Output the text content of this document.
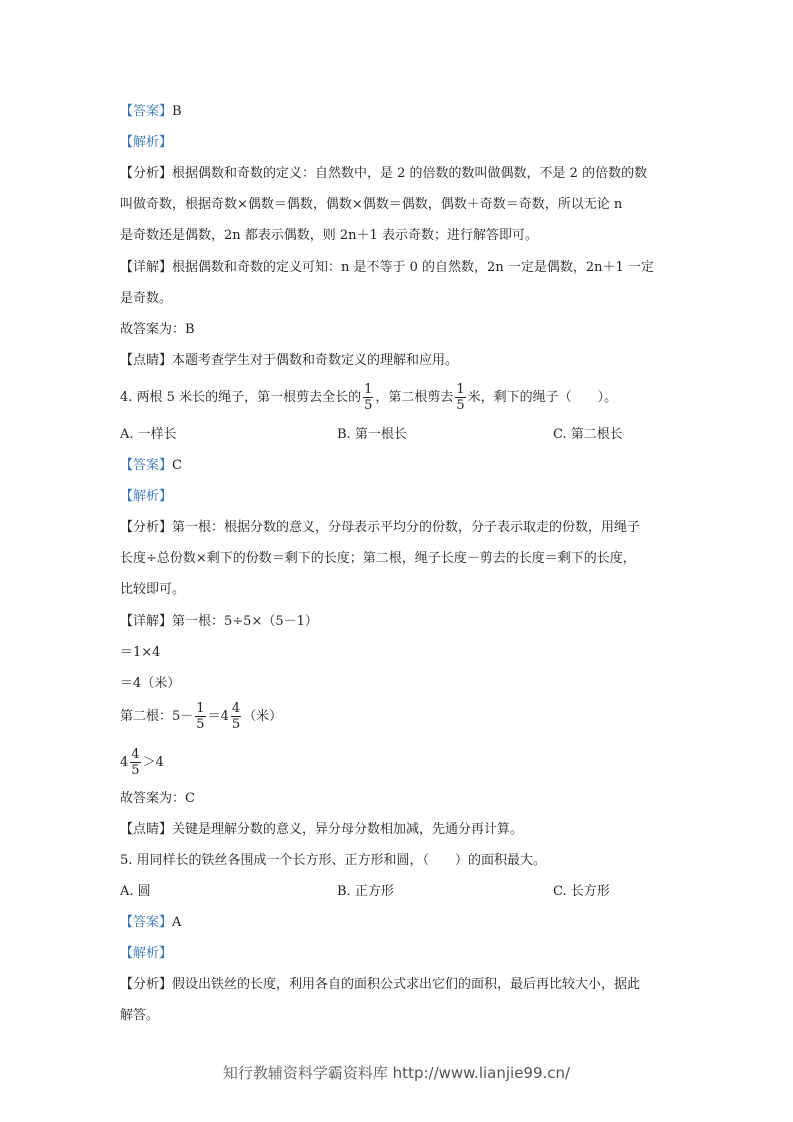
【答案】B
【解析】
【分析】根据偶数和奇数的定义：自然数中，是 2 的倍数的数叫做偶数，不是 2 的倍数的数
叫做奇数，根据奇数×偶数＝偶数，偶数×偶数＝偶数，偶数＋奇数＝奇数，所以无论 n
是奇数还是偶数，2n 都表示偶数，则 2n＋1 表示奇数；进行解答即可。
【详解】根据偶数和奇数的定义可知：n 是不等于 0 的自然数，2n 一定是偶数，2n＋1 一定
是奇数。
故答案为：B
【点睛】本题考查学生对于偶数和奇数定义的理解和应用。
4. 两根 5 米长的绳子，第一根剪去全长的 $\frac{1}{5}$ ，第二根剪去 $\frac{1}{5}$ 米，剩下的绳子（　　）。
A. 一样长	B. 第一根长	C. 第二根长
【答案】C
【解析】
【分析】第一根：根据分数的意义，分母表示平均分的份数，分子表示取走的份数，用绳子
长度÷总份数×剩下的份数＝剩下的长度；第二根，绳子长度－剪去的长度＝剩下的长度，
比较即可。
【详解】第一根：5÷5×（5－1）
＝1×4
＝4（米）
第二根：$5- \frac{1}{5} =4 \frac{4}{5}$ （米）
$4 \frac{4}{5} >4$
故答案为：C
【点睛】关键是理解分数的意义，异分母分数相加减，先通分再计算。
5. 用同样长的铁丝各围成一个长方形、正方形和圆，（　　）的面积最大。
A. 圆	B. 正方形	C. 长方形
【答案】A
【解析】
【分析】假设出铁丝的长度，利用各自的面积公式求出它们的面积，最后再比较大小，据此
解答。
知行教辅资料学霸资料库 http://www.lianjie99.cn/
